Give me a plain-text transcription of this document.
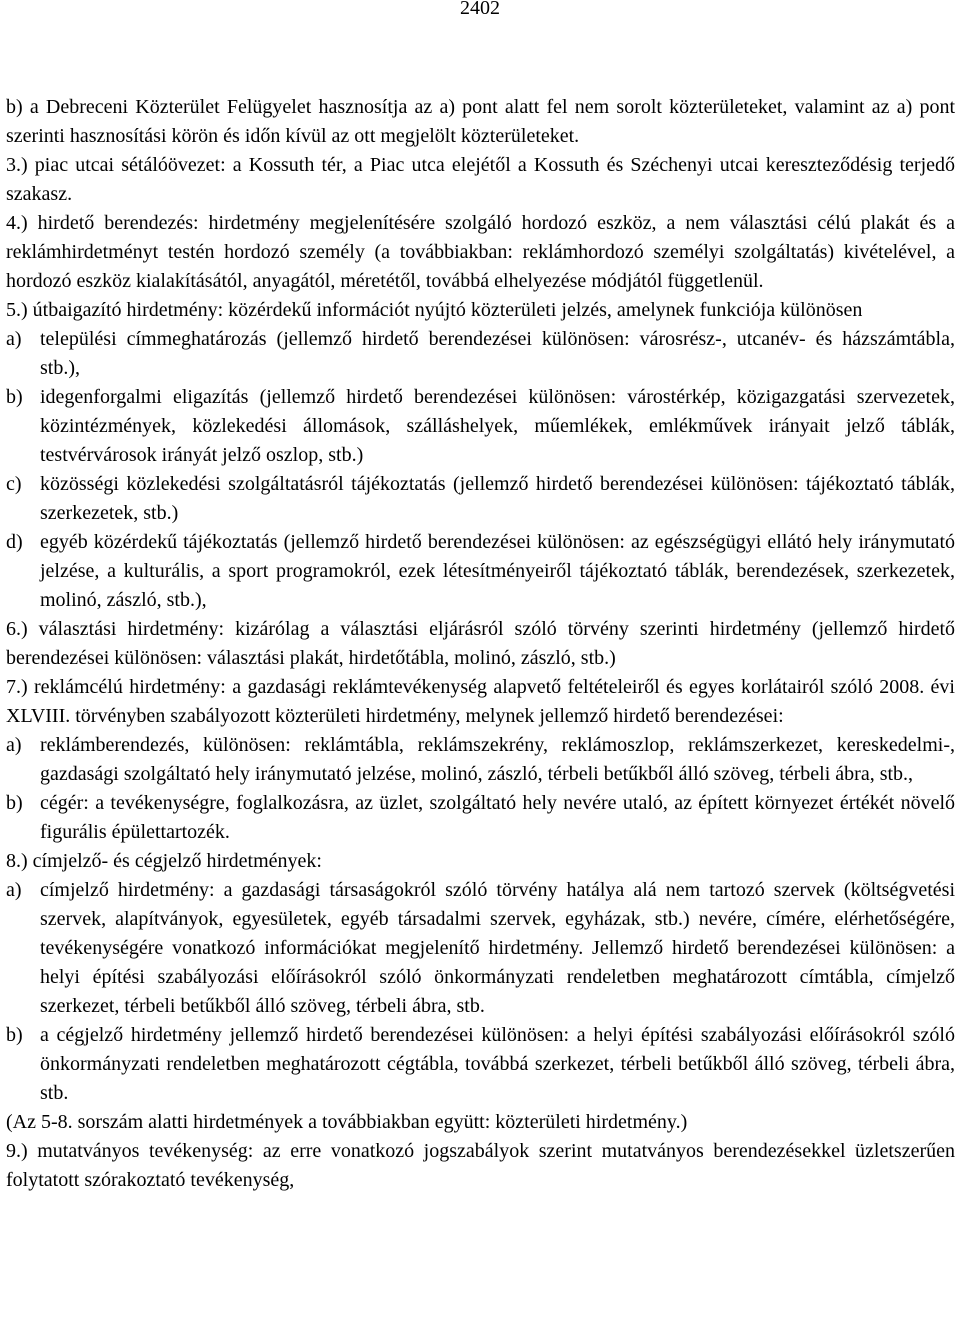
2402

b) a Debreceni Közterület Felügyelet hasznosítja az a) pont alatt fel nem sorolt közterületeket, valamint az a) pont szerinti hasznosítási körön és időn kívül az ott megjelölt közterületeket.

3.) piac utcai sétálóövezet: a Kossuth tér, a Piac utca elejétől a Kossuth és Széchenyi utcai kereszteződésig terjedő szakasz.

4.) hirdető berendezés: hirdetmény megjelenítésére szolgáló hordozó eszköz, a nem választási célú plakát és a reklámhirdetményt testén hordozó személy (a továbbiakban: reklámhordozó személyi szolgáltatás) kivételével, a hordozó eszköz kialakításától, anyagától, méretétől, továbbá elhelyezése módjától függetlenül.

5.) útbaigazító hirdetmény: közérdekű információt nyújtó közterületi jelzés, amelynek funkciója különösen

a) települési címmeghatározás (jellemző hirdető berendezései különösen: városrész-, utcanév- és házszámtábla, stb.),

b) idegenforgalmi eligazítás (jellemző hirdető berendezései különösen: várostérkép, közigazgatási szervezetek, közintézmények, közlekedési állomások, szálláshelyek, műemlékek, emlékművek irányait jelző táblák, testvérvárosok irányát jelző oszlop, stb.)

c) közösségi közlekedési szolgáltatásról tájékoztatás (jellemző hirdető berendezései különösen: tájékoztató táblák, szerkezetek, stb.)

d) egyéb közérdekű tájékoztatás (jellemző hirdető berendezései különösen: az egészségügyi ellátó hely iránymutató jelzése, a kulturális, a sport programokról, ezek létesítményeiről tájékoztató táblák, berendezések, szerkezetek, molinó, zászló, stb.),

6.) választási hirdetmény: kizárólag a választási eljárásról szóló törvény szerinti hirdetmény (jellemző hirdető berendezései különösen: választási plakát, hirdetőtábla, molinó, zászló, stb.)

7.) reklámcélú hirdetmény: a gazdasági reklámtevékenység alapvető feltételeiről és egyes korlátairól szóló 2008. évi XLVIII. törvényben szabályozott közterületi hirdetmény, melynek jellemző hirdető berendezései:

a) reklámberendezés, különösen: reklámtábla, reklámszekrény, reklámoszlop, reklámszerkezet, kereskedelmi-, gazdasági szolgáltató hely iránymutató jelzése, molinó, zászló, térbeli betűkből álló szöveg, térbeli ábra, stb.,

b) cégér: a tevékenységre, foglalkozásra, az üzlet, szolgáltató hely nevére utaló, az épített környezet értékét növelő figurális épülettartozék.

8.) címjelző- és cégjelző hirdetmények:

a) címjelző hirdetmény: a gazdasági társaságokról szóló törvény hatálya alá nem tartozó szervek (költségvetési szervek, alapítványok, egyesületek, egyéb társadalmi szervek, egyházak, stb.) nevére, címére, elérhetőségére, tevékenységére vonatkozó információkat megjelenítő hirdetmény. Jellemző hirdető berendezései különösen: a helyi építési szabályozási előírásokról szóló önkormányzati rendeletben meghatározott címtábla, címjelző szerkezet, térbeli betűkből álló szöveg, térbeli ábra, stb.

b) a cégjelző hirdetmény jellemző hirdető berendezései különösen: a helyi építési szabályozási előírásokról szóló önkormányzati rendeletben meghatározott cégtábla, továbbá szerkezet, térbeli betűkből álló szöveg, térbeli ábra, stb.

(Az 5-8. sorszám alatti hirdetmények a továbbiakban együtt: közterületi hirdetmény.)

9.) mutatványos tevékenység: az erre vonatkozó jogszabályok szerint mutatványos berendezésekkel üzletszerűen folytatott szórakoztató tevékenység,
